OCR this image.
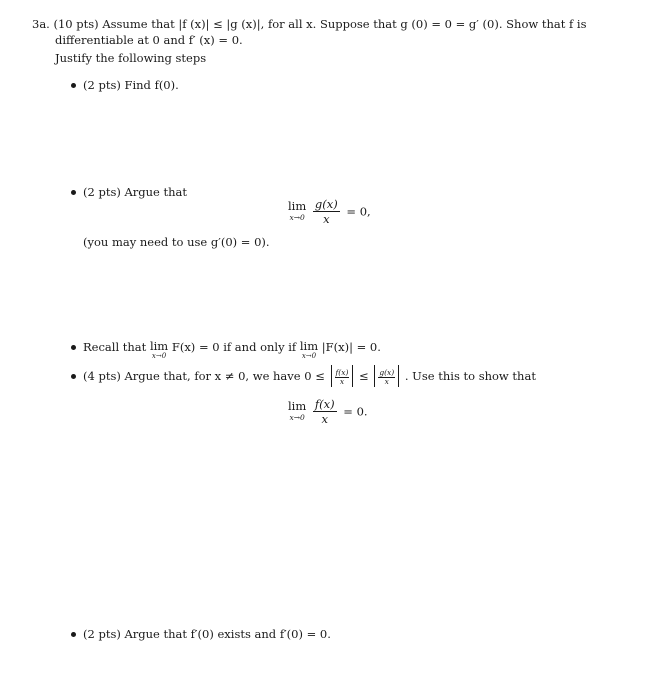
3a. (10 pts) Assume that |f (x)| ≤ |g (x)|, for all x. Suppose that g (0) = 0 = g′ (0). Show that f is
differentiable at 0 and f′ (x) = 0.
Justify the following steps
(2 pts) Find f(0).
(2 pts) Argue that
lim
x→0
$\frac{g(x)}{x} = 0$,
(you may need to use g′(0) = 0).
Recall that lim
x→0
F(x) = 0 if and only if lim
x→0
|F(x)| = 0.
(4 pts) Argue that, for x ≠ 0, we have $0 \le \frac{f(x)}{x} \le \frac{g(x)}{x}$ . Use this to show that
lim
x→0
$\frac{f(x)}{x} = 0$.
(2 pts) Argue that f′(0) exists and f′(0) = 0.
